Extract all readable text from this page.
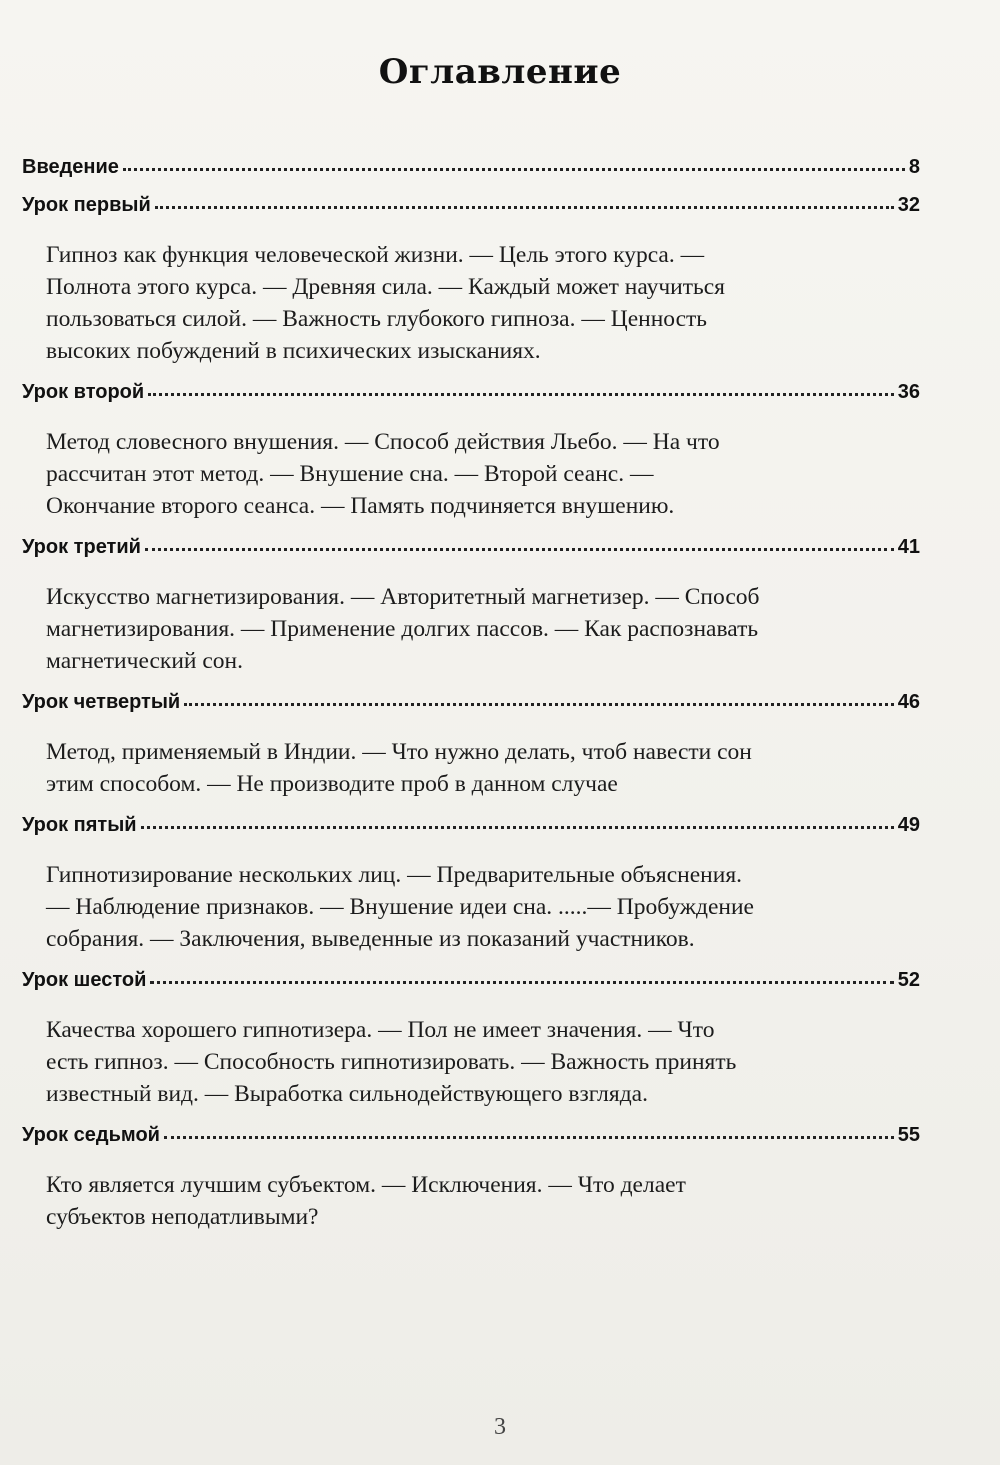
Оглавление
Введение	8
Урок первый	32
Гипноз как функция человеческой жизни. — Цель этого курса. —
Полнота этого курса. — Древняя сила. — Каждый может научиться
пользоваться силой. — Важность глубокого гипноза. — Ценность
высоких побуждений в психических изысканиях.
Урок второй	36
Метод словесного внушения. — Способ действия Льебо. — На что
рассчитан этот метод. — Внушение сна. — Второй сеанс. —
Окончание второго сеанса. — Память подчиняется внушению.
Урок третий	41
Искусство магнетизирования. — Авторитетный магнетизер. — Способ
магнетизирования. — Применение долгих пассов. — Как распознавать
магнетический сон.
Урок четвертый	46
Метод, применяемый в Индии. — Что нужно делать, чтоб навести сон
этим способом. — Не производите проб в данном случае
Урок пятый	49
Гипнотизирование нескольких лиц. — Предварительные объяснения.
— Наблюдение признаков. — Внушение идеи сна. .....— Пробуждение
собрания. — Заключения, выведенные из показаний участников.
Урок шестой	52
Качества хорошего гипнотизера. — Пол не имеет значения. — Что
есть гипноз. — Способность гипнотизировать. — Важность принять
известный вид. — Выработка сильнодействующего взгляда.
Урок седьмой	55
Кто является лучшим субъектом. — Исключения. — Что делает
субъектов неподатливыми?
3
